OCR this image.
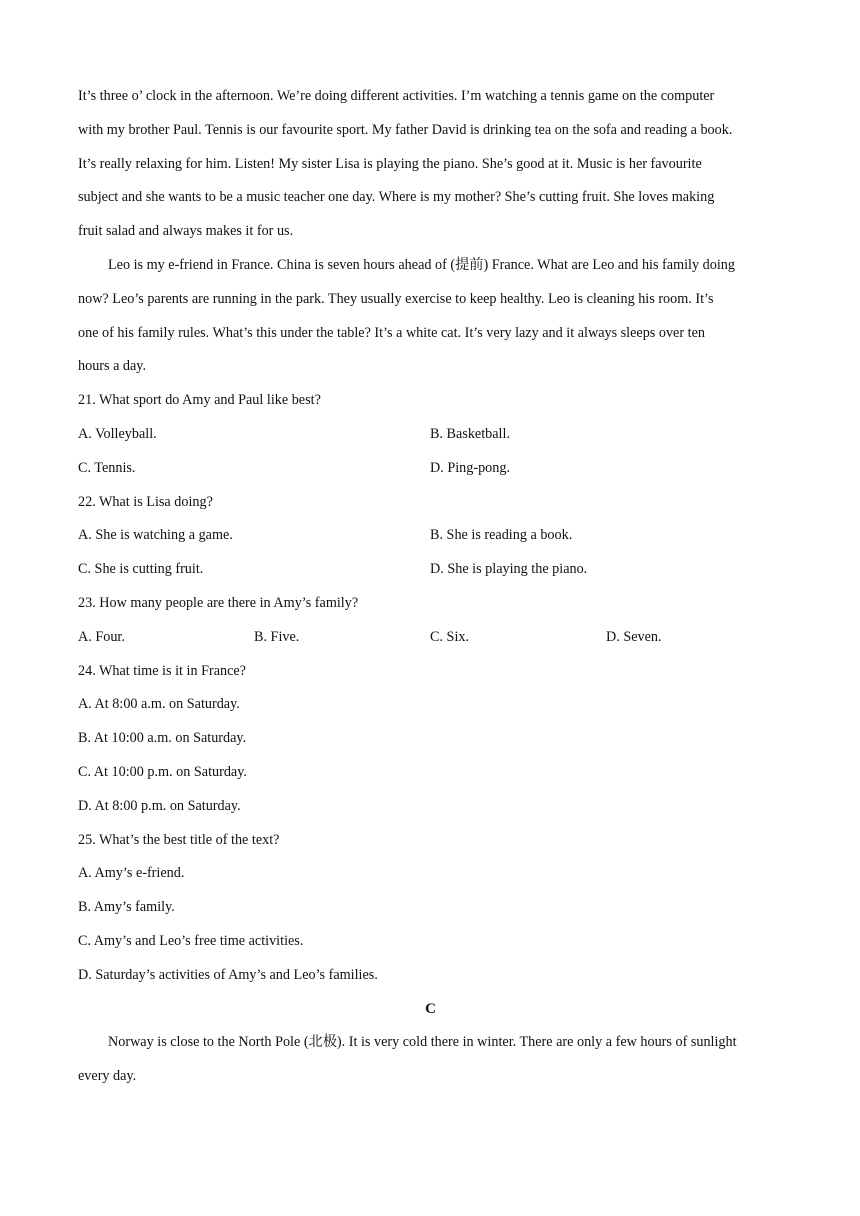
It’s three o’ clock in the afternoon. We’re doing different activities. I’m watching a tennis game on the computer
with my brother Paul. Tennis is our favourite sport. My father David is drinking tea on the sofa and reading a book.
It’s really relaxing for him. Listen! My sister Lisa is playing the piano. She’s good at it. Music is her favourite
subject and she wants to be a music teacher one day. Where is my mother? She’s cutting fruit. She loves making
fruit salad and always makes it for us.
Leo is my e-friend in France. China is seven hours ahead of (提前) France. What are Leo and his family doing
now? Leo’s parents are running in the park. They usually exercise to keep healthy. Leo is cleaning his room. It’s
one of his family rules. What’s this under the table? It’s a white cat. It’s very lazy and it always sleeps over ten
hours a day.
21. What sport do Amy and Paul like best?
A. Volleyball.	B. Basketball.
C. Tennis.	D. Ping-pong.
22. What is Lisa doing?
A. She is watching a game.	B. She is reading a book.
C. She is cutting fruit.	D. She is playing the piano.
23. How many people are there in Amy’s family?
A. Four.	B. Five.	C. Six.	D. Seven.
24. What time is it in France?
A. At 8:00 a.m. on Saturday.
B. At 10:00 a.m. on Saturday.
C. At 10:00 p.m. on Saturday.
D. At 8:00 p.m. on Saturday.
25. What’s the best title of the text?
A. Amy’s e-friend.
B. Amy’s family.
C. Amy’s and Leo’s free time activities.
D. Saturday’s activities of Amy’s and Leo’s families.
C
Norway is close to the North Pole (北极). It is very cold there in winter. There are only a few hours of sunlight
every day.
